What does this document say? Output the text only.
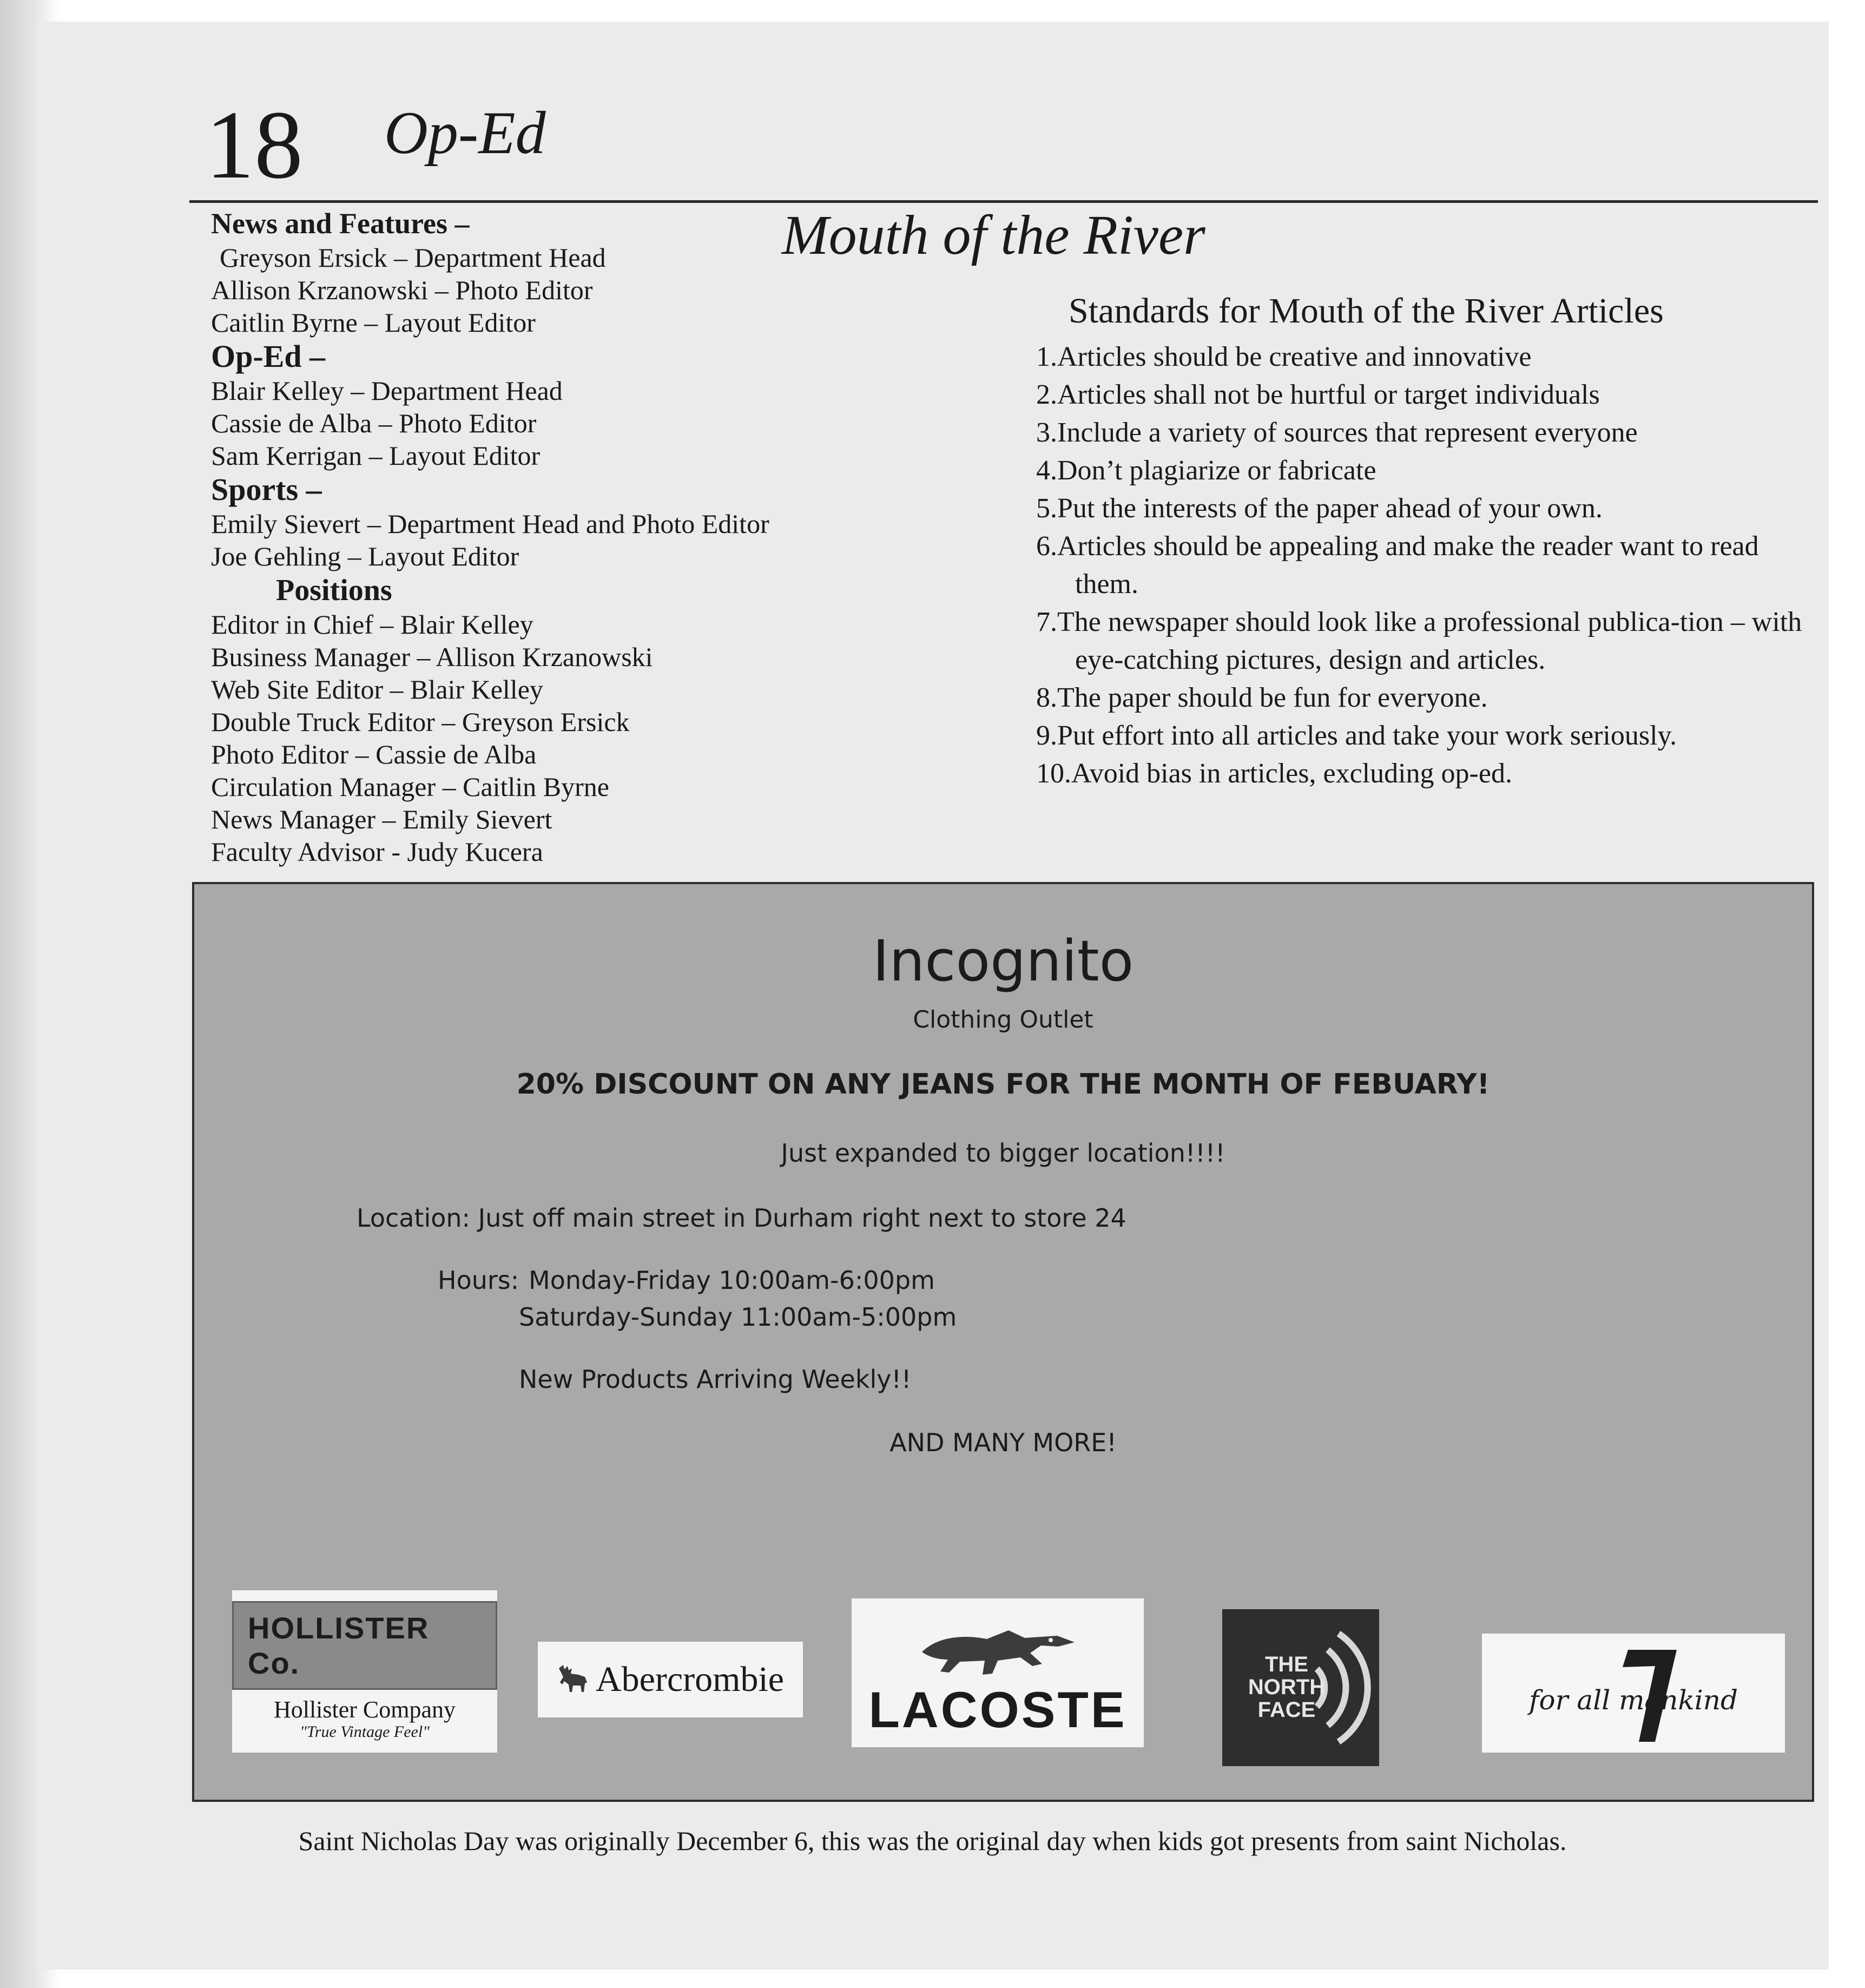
18 Op-Ed
News and Features –
Greyson Ersick – Department Head
Allison Krzanowski – Photo Editor
Caitlin Byrne – Layout Editor
Op-Ed –
Blair Kelley – Department Head
Cassie de Alba – Photo Editor
Sam Kerrigan – Layout Editor
Sports –
Emily Sievert – Department Head and Photo Editor
Joe Gehling – Layout Editor
Positions
Editor in Chief – Blair Kelley
Business Manager – Allison Krzanowski
Web Site Editor – Blair Kelley
Double Truck Editor – Greyson Ersick
Photo Editor – Cassie de Alba
Circulation Manager – Caitlin Byrne
News Manager – Emily Sievert
Faculty Advisor - Judy Kucera
Mouth of the River
Standards for Mouth of the River Articles
1.Articles should be creative and innovative
2.Articles shall not be hurtful or target individuals
3.Include a variety of sources that represent everyone
4.Don’t plagiarize or fabricate
5.Put the interests of the paper ahead of your own.
6.Articles should be appealing and make the reader want to read them.
7.The newspaper should look like a professional publica-tion – with eye-catching pictures, design and articles.
8.The paper should be fun for everyone.
9.Put effort into all articles and take your work seriously.
10.Avoid bias in articles, excluding op-ed.
Incognito
Clothing Outlet
20% DISCOUNT ON ANY JEANS FOR THE MONTH OF FEBUARY!
Just expanded to bigger location!!!!
Location: Just off main street in Durham right next to store 24
Hours: Monday-Friday 10:00am-6:00pm
Saturday-Sunday 11:00am-5:00pm
New Products Arriving Weekly!!
AND MANY MORE!
HOLLISTER Co.
Hollister Company
"True Vintage Feel"
Abercrombie
LACOSTE
THE
NORTH
FACE	for all mankind
Saint Nicholas Day was originally December 6, this was the original day when kids got presents from saint Nicholas.
